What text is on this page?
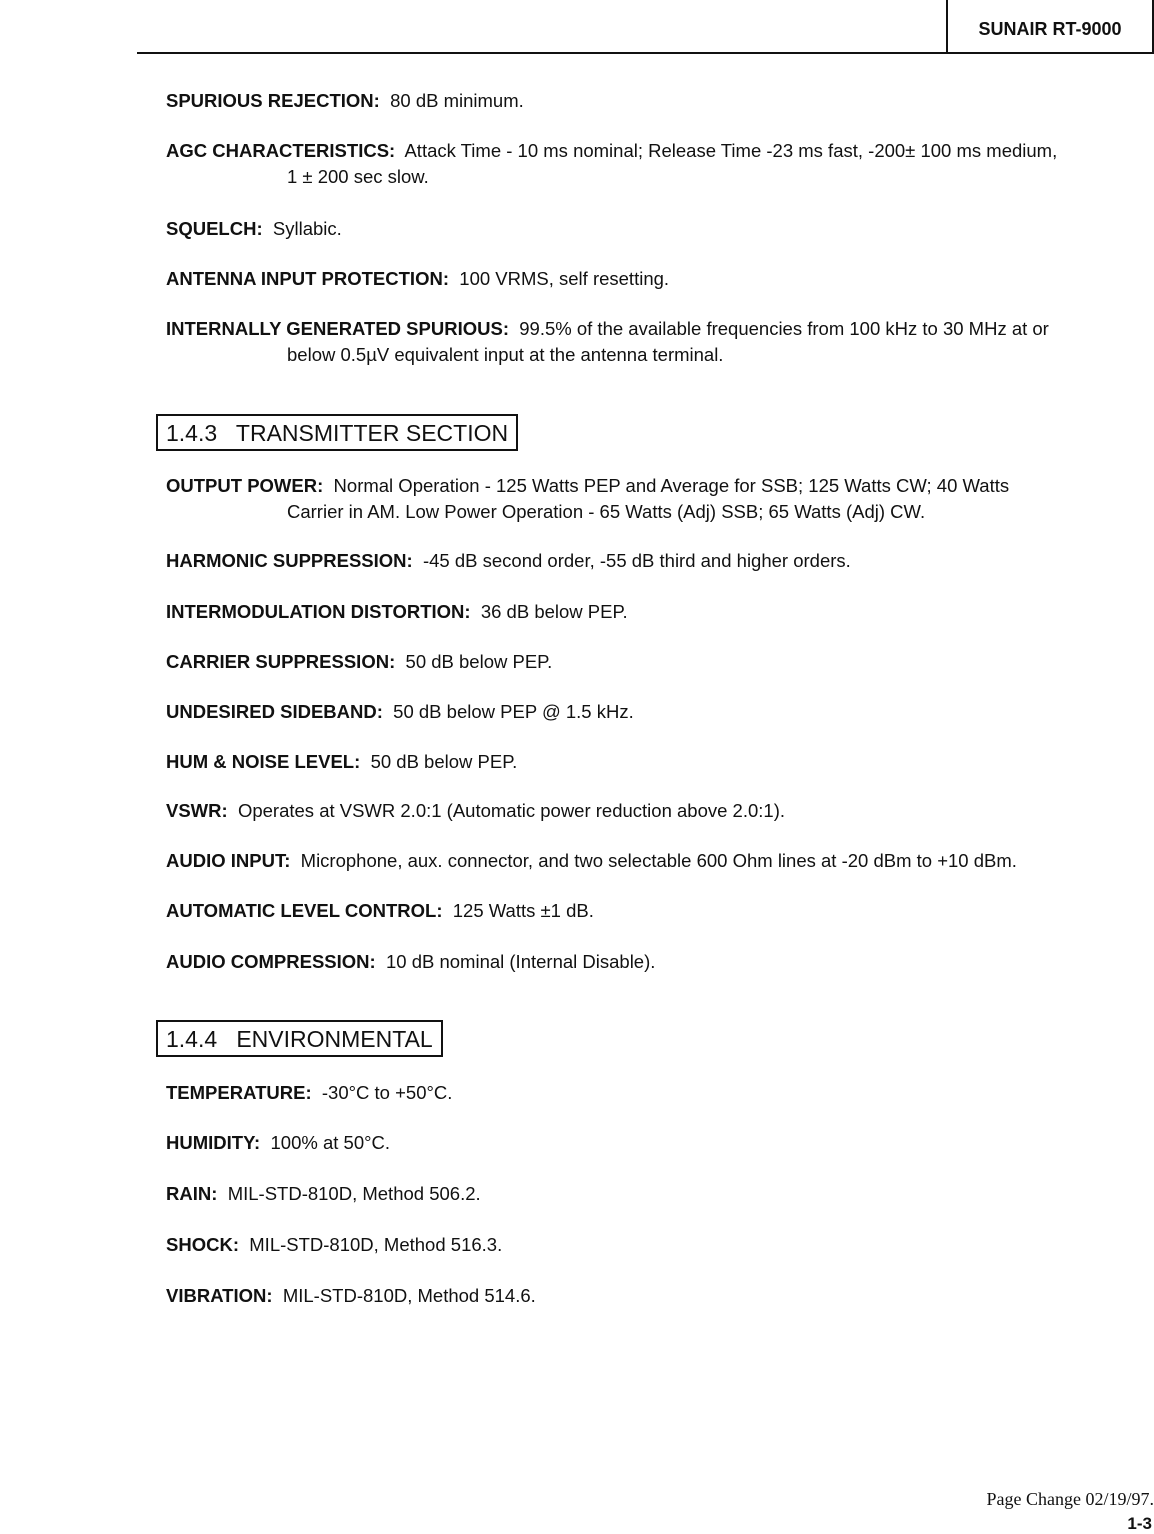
SUNAIR RT-9000

SPURIOUS REJECTION: 80 dB minimum.

AGC CHARACTERISTICS: Attack Time - 10 ms nominal; Release Time -23 ms fast, -200± 100 ms medium,
1 ± 200 sec slow.

SQUELCH: Syllabic.

ANTENNA INPUT PROTECTION: 100 VRMS, self resetting.

INTERNALLY GENERATED SPURIOUS: 99.5% of the available frequencies from 100 kHz to 30 MHz at or
below 0.5µV equivalent input at the antenna terminal.

1.4.3   TRANSMITTER SECTION

OUTPUT POWER: Normal Operation - 125 Watts PEP and Average for SSB; 125 Watts CW; 40 Watts
Carrier in AM. Low Power Operation - 65 Watts (Adj) SSB; 65 Watts (Adj) CW.

HARMONIC SUPPRESSION: -45 dB second order, -55 dB third and higher orders.

INTERMODULATION DISTORTION: 36 dB below PEP.

CARRIER SUPPRESSION: 50 dB below PEP.

UNDESIRED SIDEBAND: 50 dB below PEP @ 1.5 kHz.

HUM & NOISE LEVEL: 50 dB below PEP.

VSWR: Operates at VSWR 2.0:1 (Automatic power reduction above 2.0:1).

AUDIO INPUT: Microphone, aux. connector, and two selectable 600 Ohm lines at -20 dBm to +10 dBm.

AUTOMATIC LEVEL CONTROL: 125 Watts ±1 dB.

AUDIO COMPRESSION: 10 dB nominal (Internal Disable).

1.4.4   ENVIRONMENTAL

TEMPERATURE: -30°C to +50°C.

HUMIDITY: 100% at 50°C.

RAIN: MIL-STD-810D, Method 506.2.

SHOCK: MIL-STD-810D, Method 516.3.

VIBRATION: MIL-STD-810D, Method 514.6.

Page Change 02/19/97.
1-3
